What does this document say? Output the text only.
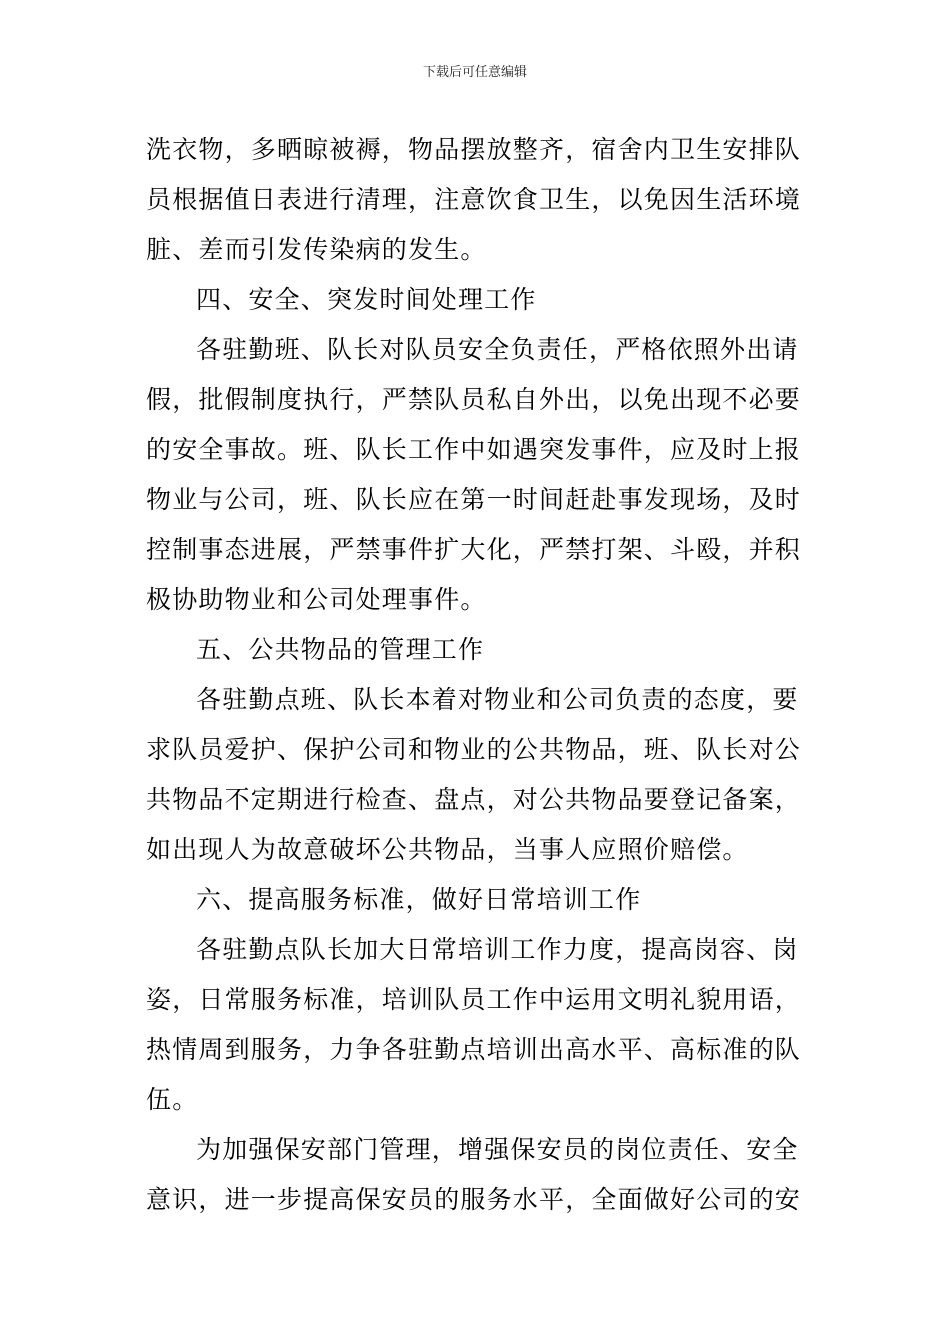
下载后可任意编辑
洗衣物，多晒晾被褥，物品摆放整齐，宿舍内卫生安排队
员根据值日表进行清理，注意饮食卫生，以免因生活环境
脏、差而引发传染病的发生。
四、安全、突发时间处理工作
各驻勤班、队长对队员安全负责任，严格依照外出请
假，批假制度执行，严禁队员私自外出，以免出现不必要
的安全事故。班、队长工作中如遇突发事件，应及时上报
物业与公司，班、队长应在第一时间赶赴事发现场，及时
控制事态进展，严禁事件扩大化，严禁打架、斗殴，并积
极协助物业和公司处理事件。
五、公共物品的管理工作
各驻勤点班、队长本着对物业和公司负责的态度，要
求队员爱护、保护公司和物业的公共物品，班、队长对公
共物品不定期进行检查、盘点，对公共物品要登记备案，
如出现人为故意破坏公共物品，当事人应照价赔偿。
六、提高服务标准，做好日常培训工作
各驻勤点队长加大日常培训工作力度，提高岗容、岗
姿，日常服务标准，培训队员工作中运用文明礼貌用语，
热情周到服务，力争各驻勤点培训出高水平、高标准的队
伍。
为加强保安部门管理，增强保安员的岗位责任、安全
意识，进一步提高保安员的服务水平，全面做好公司的安
